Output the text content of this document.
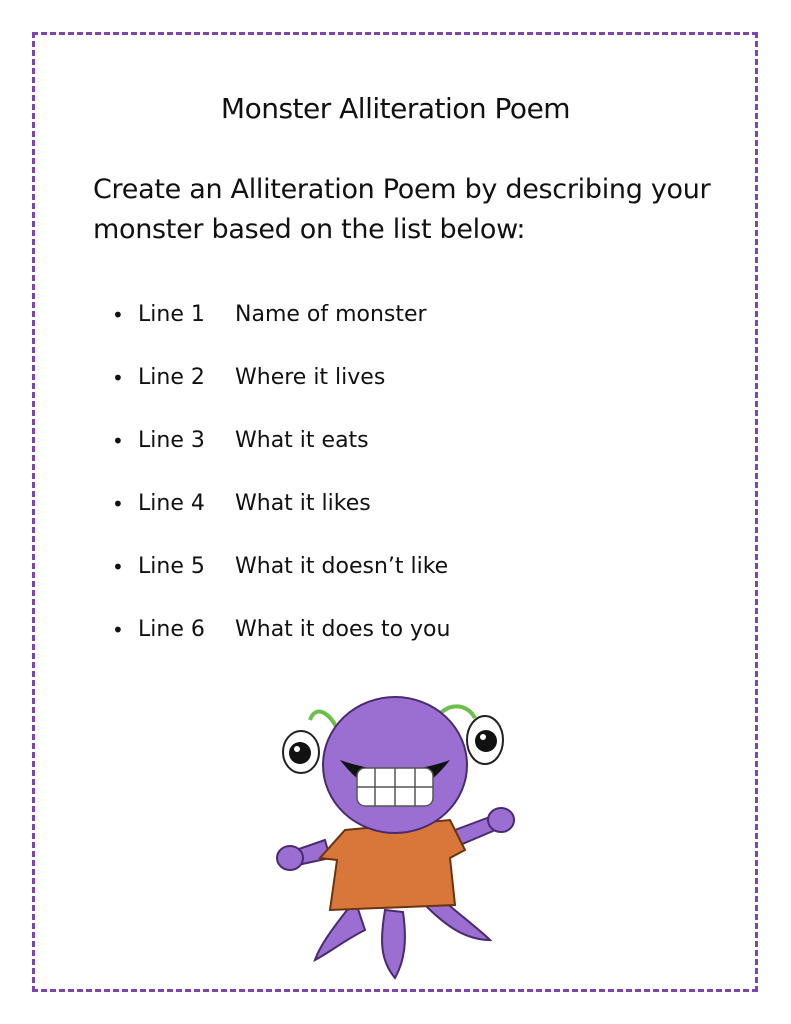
Monster Alliteration Poem
Create an Alliteration Poem by describing your monster based on the list below:
• Line 1	Name of monster
• Line 2	Where it lives
• Line 3	What it eats
• Line 4	What it likes
• Line 5	What it doesn’t like
• Line 6	What it does to you
